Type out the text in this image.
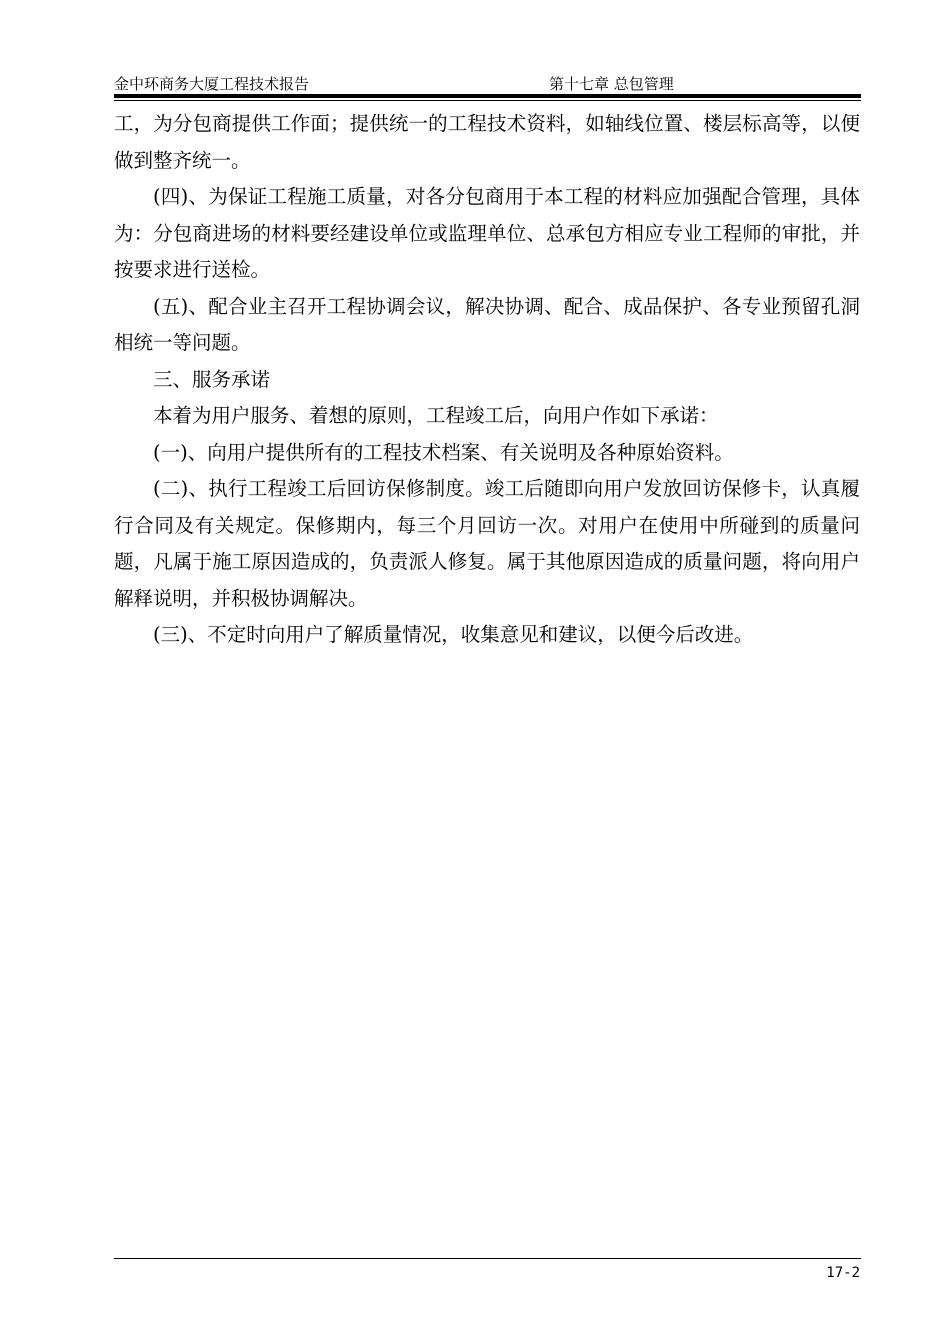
金中环商务大厦工程技术报告	第十七章 总包管理

工，为分包商提供工作面；提供统一的工程技术资料，如轴线位置、楼层标高等，以便做到整齐统一。

(四)、为保证工程施工质量，对各分包商用于本工程的材料应加强配合管理，具体为：分包商进场的材料要经建设单位或监理单位、总承包方相应专业工程师的审批，并按要求进行送检。

(五)、配合业主召开工程协调会议，解决协调、配合、成品保护、各专业预留孔洞相统一等问题。

三、服务承诺

本着为用户服务、着想的原则，工程竣工后，向用户作如下承诺：

(一)、向用户提供所有的工程技术档案、有关说明及各种原始资料。

(二)、执行工程竣工后回访保修制度。竣工后随即向用户发放回访保修卡，认真履行合同及有关规定。保修期内，每三个月回访一次。对用户在使用中所碰到的质量问题，凡属于施工原因造成的，负责派人修复。属于其他原因造成的质量问题，将向用户解释说明，并积极协调解决。

(三)、不定时向用户了解质量情况，收集意见和建议，以便今后改进。

17-2
